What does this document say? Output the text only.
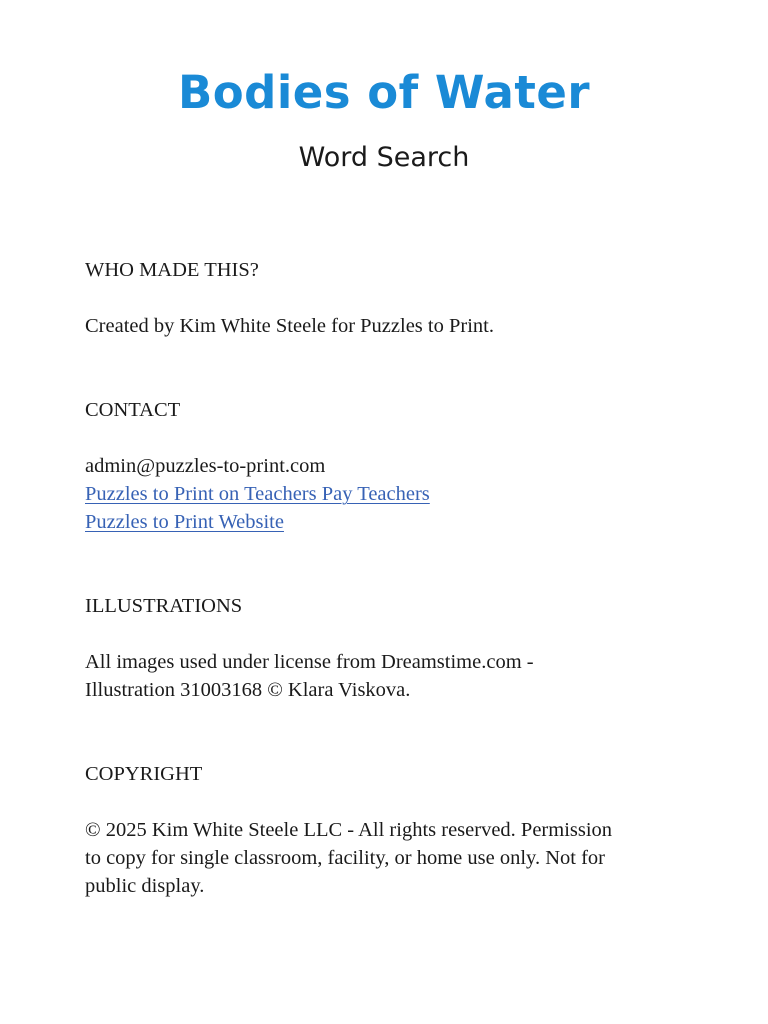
Bodies of Water
Word Search
WHO MADE THIS?

Created by Kim White Steele for Puzzles to Print.

CONTACT

admin@puzzles-to-print.com
Puzzles to Print on Teachers Pay Teachers
Puzzles to Print Website

ILLUSTRATIONS

All images used under license from Dreamstime.com -
Illustration 31003168 © Klara Viskova.

COPYRIGHT

© 2025 Kim White Steele LLC - All rights reserved. Permission
to copy for single classroom, facility, or home use only. Not for
public display.
